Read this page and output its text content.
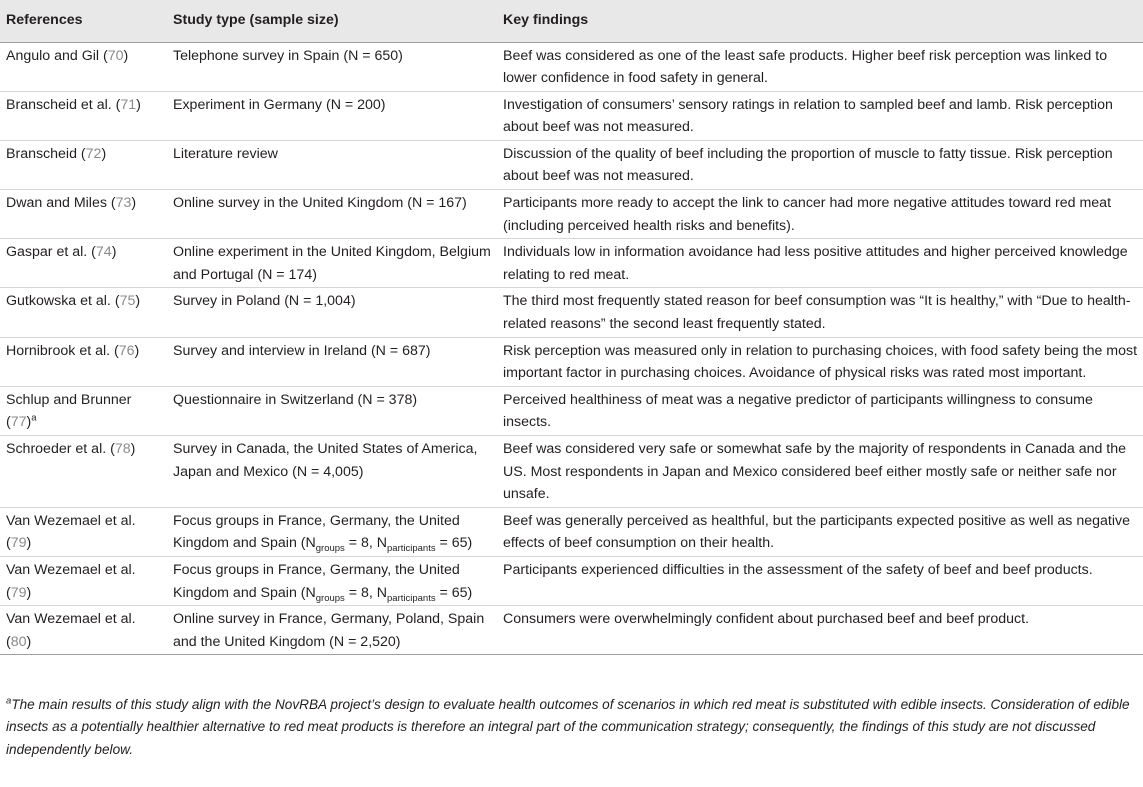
References	Study type (sample size)	Key findings
Angulo and Gil (70)	Telephone survey in Spain (N = 650)	Beef was considered as one of the least safe products. Higher beef risk perception was linked to lower confidence in food safety in general.
Branscheid et al. (71)	Experiment in Germany (N = 200)	Investigation of consumers’ sensory ratings in relation to sampled beef and lamb. Risk perception about beef was not measured.
Branscheid (72)	Literature review	Discussion of the quality of beef including the proportion of muscle to fatty tissue. Risk perception about beef was not measured.
Dwan and Miles (73)	Online survey in the United Kingdom (N = 167)	Participants more ready to accept the link to cancer had more negative attitudes toward red meat (including perceived health risks and benefits).
Gaspar et al. (74)	Online experiment in the United Kingdom, Belgium and Portugal (N = 174)	Individuals low in information avoidance had less positive attitudes and higher perceived knowledge relating to red meat.
Gutkowska et al. (75)	Survey in Poland (N = 1,004)	The third most frequently stated reason for beef consumption was “It is healthy,” with “Due to health-related reasons” the second least frequently stated.
Hornibrook et al. (76)	Survey and interview in Ireland (N = 687)	Risk perception was measured only in relation to purchasing choices, with food safety being the most important factor in purchasing choices. Avoidance of physical risks was rated most important.
Schlup and Brunner $(77)^a$	Questionnaire in Switzerland (N = 378)	Perceived healthiness of meat was a negative predictor of participants willingness to consume insects.
Schroeder et al. (78)	Survey in Canada, the United States of America, Japan and Mexico (N = 4,005)	Beef was considered very safe or somewhat safe by the majority of respondents in Canada and the US. Most respondents in Japan and Mexico considered beef either mostly safe or neither safe nor unsafe.
Van Wezemael et al. (79)	Focus groups in France, Germany, the United Kingdom and Spain ($N_{groups} = 8$, $N_{participants} = 65$)	Beef was generally perceived as healthful, but the participants expected positive as well as negative effects of beef consumption on their health.
Van Wezemael et al. (79)	Focus groups in France, Germany, the United Kingdom and Spain ($N_{groups} = 8$, $N_{participants} = 65$)	Participants experienced difficulties in the assessment of the safety of beef and beef products.
Van Wezemael et al. (80)	Online survey in France, Germany, Poland, Spain and the United Kingdom (N = 2,520)	Consumers were overwhelmingly confident about purchased beef and beef product.
$^a$The main results of this study align with the NovRBA project’s design to evaluate health outcomes of scenarios in which red meat is substituted with edible insects. Consideration of edible insects as a potentially healthier alternative to red meat products is therefore an integral part of the communication strategy; consequently, the findings of this study are not discussed independently below.
